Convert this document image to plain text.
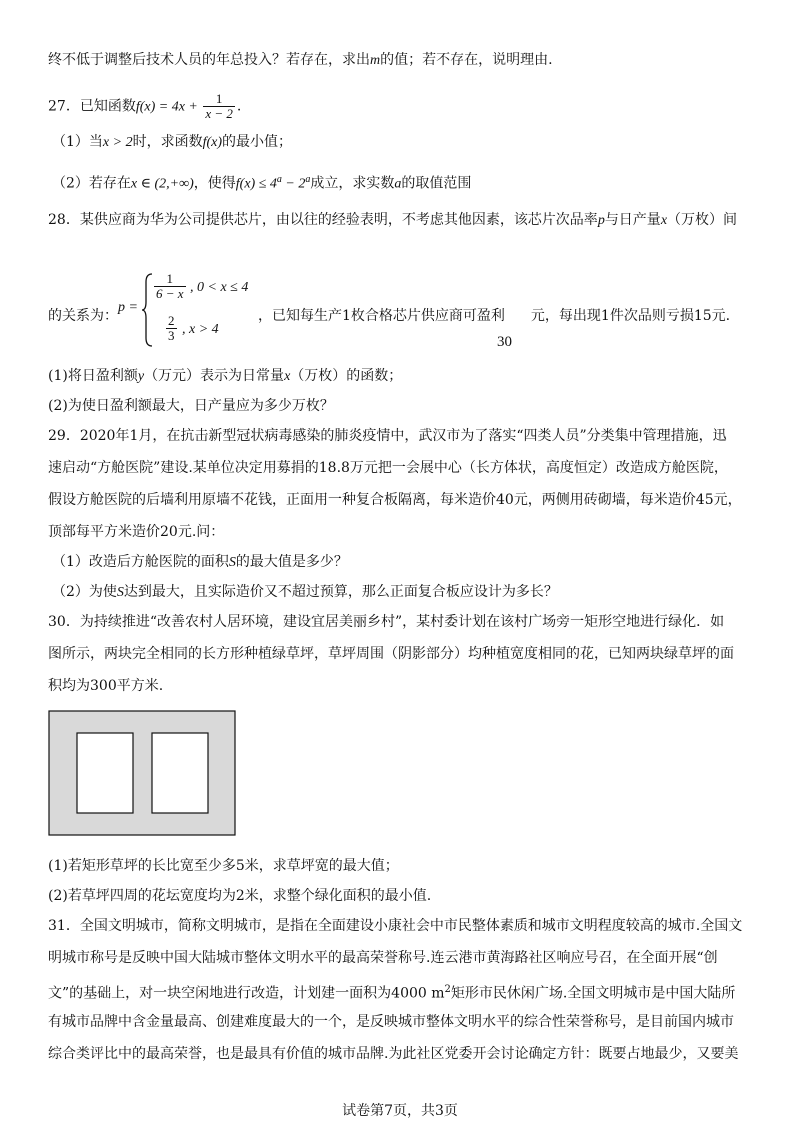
终不低于调整后技术人员的年总投入？若存在，求出m的值；若不存在，说明理由.
27．已知函数$f(x) = 4x + \frac{1}{x - 2}$ .
（1）当x > 2时，求函数f(x)的最小值；
（2）若存在x ∈ (2,+∞)，使得$f(x) \le 4^a - 2^a$成立，求实数a的取值范围
28．某供应商为华为公司提供芯片，由以往的经验表明，不考虑其他因素，该芯片次品率p与日产量x（万枚）间
的关系为：
p =
$\frac{1}{6 - x}$ , 0 < x ≤ 4
$\frac{2}{3}$ , x > 4
，已知每生产1枚合格芯片供应商可盈利 元，每出现1件次品则亏损15元.
30
(1)将日盈利额y（万元）表示为日常量x（万枚）的函数；
(2)为使日盈利额最大，日产量应为多少万枚？
29．2020年1月，在抗击新型冠状病毒感染的肺炎疫情中，武汉市为了落实“四类人员”分类集中管理措施，迅
速启动“方舱医院”建设.某单位决定用募捐的18.8万元把一会展中心（长方体状，高度恒定）改造成方舱医院，
假设方舱医院的后墙利用原墙不花钱，正面用一种复合板隔离，每米造价40元，两侧用砖砌墙，每米造价45元，
顶部每平方米造价20元.问：
（1）改造后方舱医院的面积S的最大值是多少？
（2）为使S达到最大，且实际造价又不超过预算，那么正面复合板应设计为多长？
30．为持续推进“改善农村人居环境，建设宜居美丽乡村”，某村委计划在该村广场旁一矩形空地进行绿化．如
图所示，两块完全相同的长方形种植绿草坪，草坪周围（阴影部分）均种植宽度相同的花，已知两块绿草坪的面
积均为300平方米.
(1)若矩形草坪的长比宽至少多5米，求草坪宽的最大值；
(2)若草坪四周的花坛宽度均为2米，求整个绿化面积的最小值.
31．全国文明城市，简称文明城市，是指在全面建设小康社会中市民整体素质和城市文明程度较高的城市.全国文
明城市称号是反映中国大陆城市整体文明水平的最高荣誉称号.连云港市黄海路社区响应号召，在全面开展“创
文”的基础上，对一块空闲地进行改造，计划建一面积为4000 $m^2$矩形市民休闲广场.全国文明城市是中国大陆所
有城市品牌中含金量最高、创建难度最大的一个，是反映城市整体文明水平的综合性荣誉称号，是目前国内城市
综合类评比中的最高荣誉，也是最具有价值的城市品牌.为此社区党委开会讨论确定方针：既要占地最少，又要美
试卷第7页，共3页
